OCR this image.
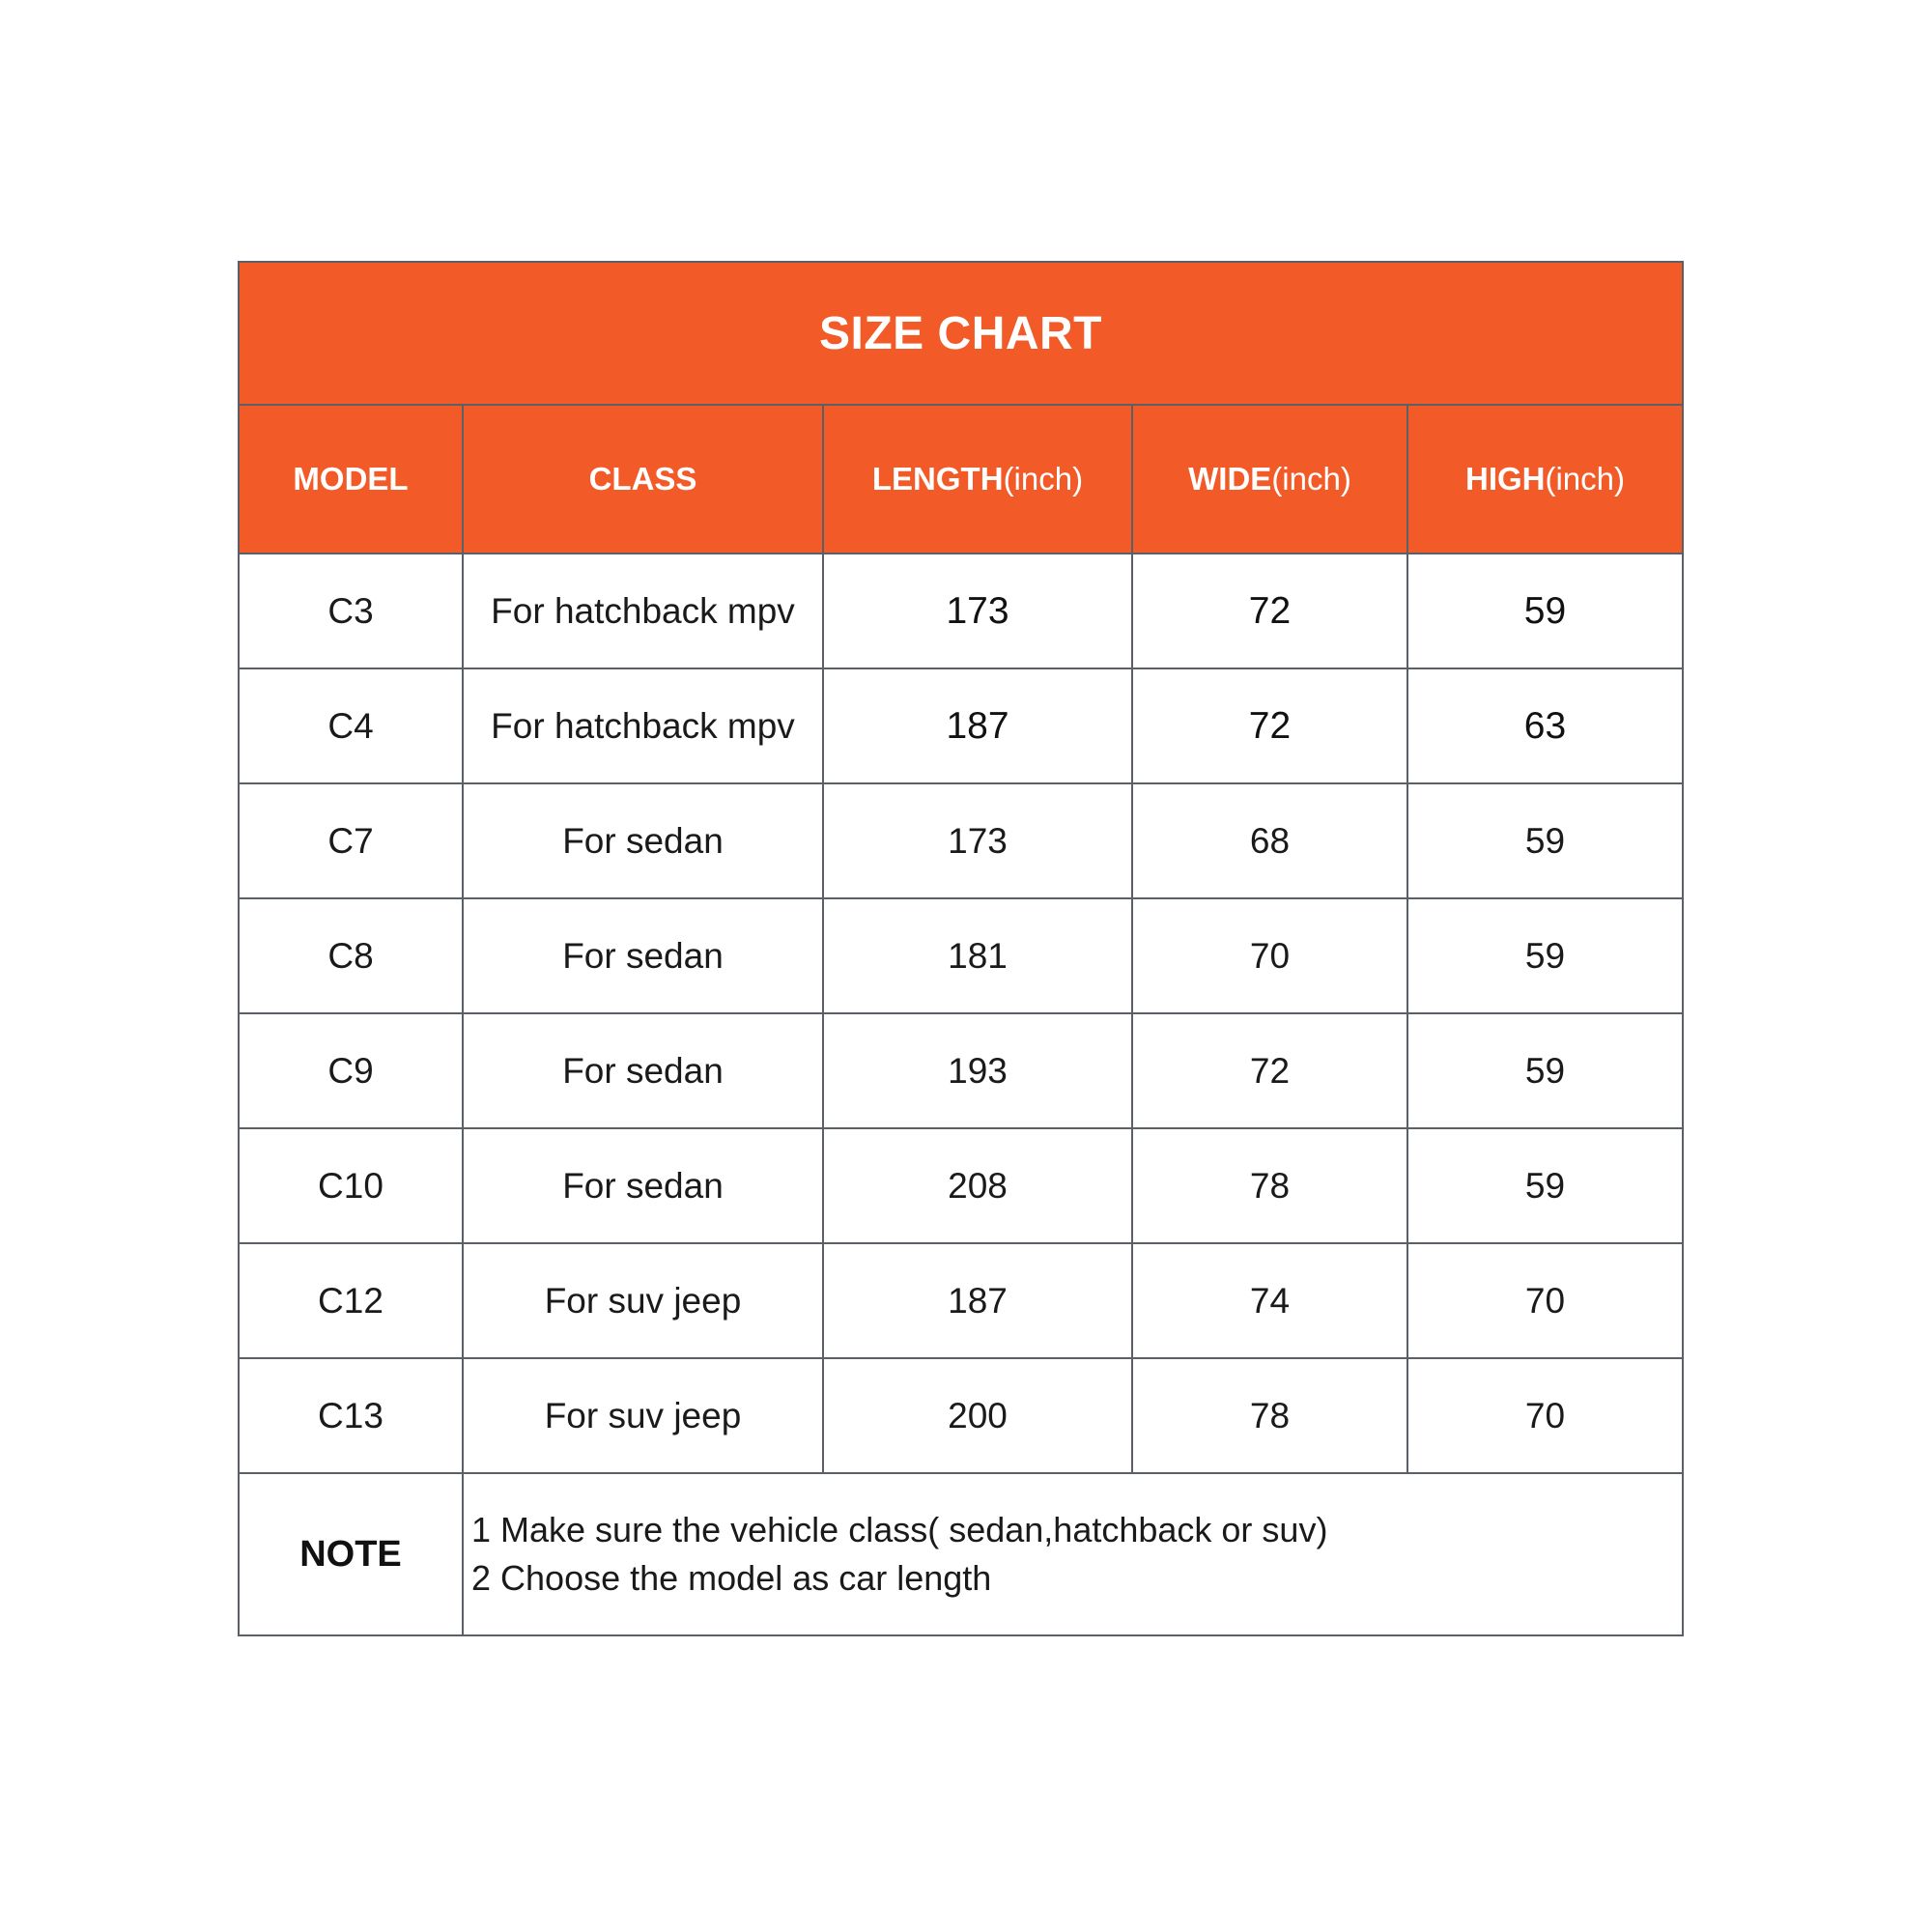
SIZE CHART				
MODEL	CLASS	LENGTH(inch)	WIDE(inch)	HIGH(inch)
C3	For hatchback mpv	173	72	59
C4	For hatchback mpv	187	72	63
C7	For sedan	173	68	59
C8	For sedan	181	70	59
C9	For sedan	193	72	59
C10	For sedan	208	78	59
C12	For suv jeep	187	74	70
C13	For suv jeep	200	78	70
NOTE	1 Make sure the vehicle class( sedan,hatchback or suv)
2 Choose the model as car length			
